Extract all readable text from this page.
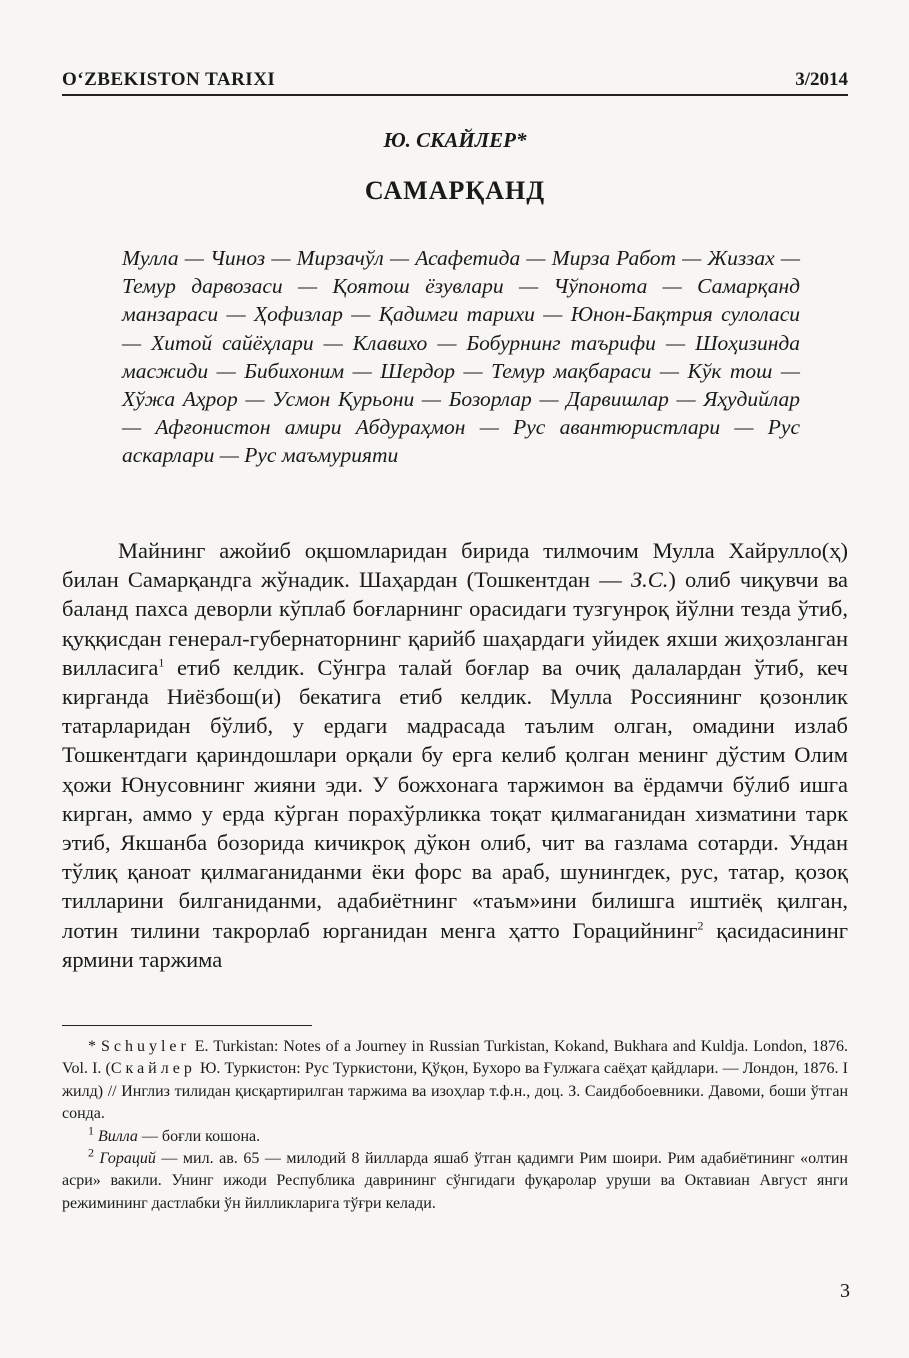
O‘ZBEKISTON TARIXI	3/2014
Ю. СКАЙЛЕР*
САМАРҚАНД
Мулла — Чиноз — Мирзачўл — Асафетида — Мирза Работ — Жиззах — Темур дарвозаси — Қоятош ёзувлари — Чўпонота — Самарқанд манзараси — Ҳофизлар — Қадимги тарихи — Юнон-Бақтрия сулоласи — Хитой сайёҳлари — Клавихо — Бобурнинг таърифи — Шоҳизинда масжиди — Бибихоним — Шердор — Темур мақбараси — Кўк тош — Хўжа Аҳрор — Усмон Қурьони — Бозорлар — Дарвишлар — Яҳудийлар — Афғонистон амири Абдураҳмон — Рус авантюристлари — Рус аскарлари — Рус маъмурияти
Майнинг ажойиб оқшомларидан бирида тилмочим Мулла Хайрулло(ҳ) билан Самарқандга жўнадик. Шаҳардан (Тошкентдан — З.С.) олиб чиқувчи ва баланд пахса деворли кўплаб боғларнинг орасидаги тузгунроқ йўлни тезда ўтиб, қуққисдан генерал-губернаторнинг қарийб шаҳардаги уйидек яхши жиҳозланган вилласига$^1$ етиб келдик. Сўнгра талай боғлар ва очиқ далалардан ўтиб, кеч кирганда Ниёзбош(и) бекатига етиб келдик. Мулла Россиянинг қозонлик татарларидан бўлиб, у ердаги мадрасада таълим олган, омадини излаб Тошкентдаги қариндошлари орқали бу ерга келиб қолган менинг дўстим Олим ҳожи Юнусовнинг жияни эди. У божхонага таржимон ва ёрдамчи бўлиб ишга кирган, аммо у ерда кўрган порахўрликка тоқат қилмаганидан хизматини тарк этиб, Якшанба бозорида кичикроқ дўкон олиб, чит ва газлама сотарди. Ундан тўлиқ қаноат қилмаганиданми ёки форс ва араб, шунингдек, рус, татар, қозоқ тилларини билганиданми, адабиётнинг «таъм»ини билишга иштиёқ қилган, лотин тилини такрорлаб юрганидан менга ҳатто Горацийнинг$^2$ қасидасининг ярмини таржима

* Schuyler E. Turkistan: Notes of a Journey in Russian Turkistan, Kokand, Bukhara and Kuldja. London, 1876. Vol. I. (Скайлер Ю. Туркистон: Рус Туркистони, Қўқон, Бухоро ва Ғулжага саёҳат қайдлари. — Лондон, 1876. I жилд) // Инглиз тилидан қисқартирилган таржима ва изоҳлар т.ф.н., доц. З. Саидбобоевники. Давоми, боши ўтган сонда.

$^1$ Вилла — боғли кошона.

$^2$ Гораций — мил. ав. 65 — милодий 8 йилларда яшаб ўтган қадимги Рим шоири. Рим адабиётининг «олтин асри» вакили. Унинг ижоди Республика даврининг сўнгидаги фуқаролар уруши ва Октавиан Август янги режимининг дастлабки ўн йилликларига тўғри келади.

3
